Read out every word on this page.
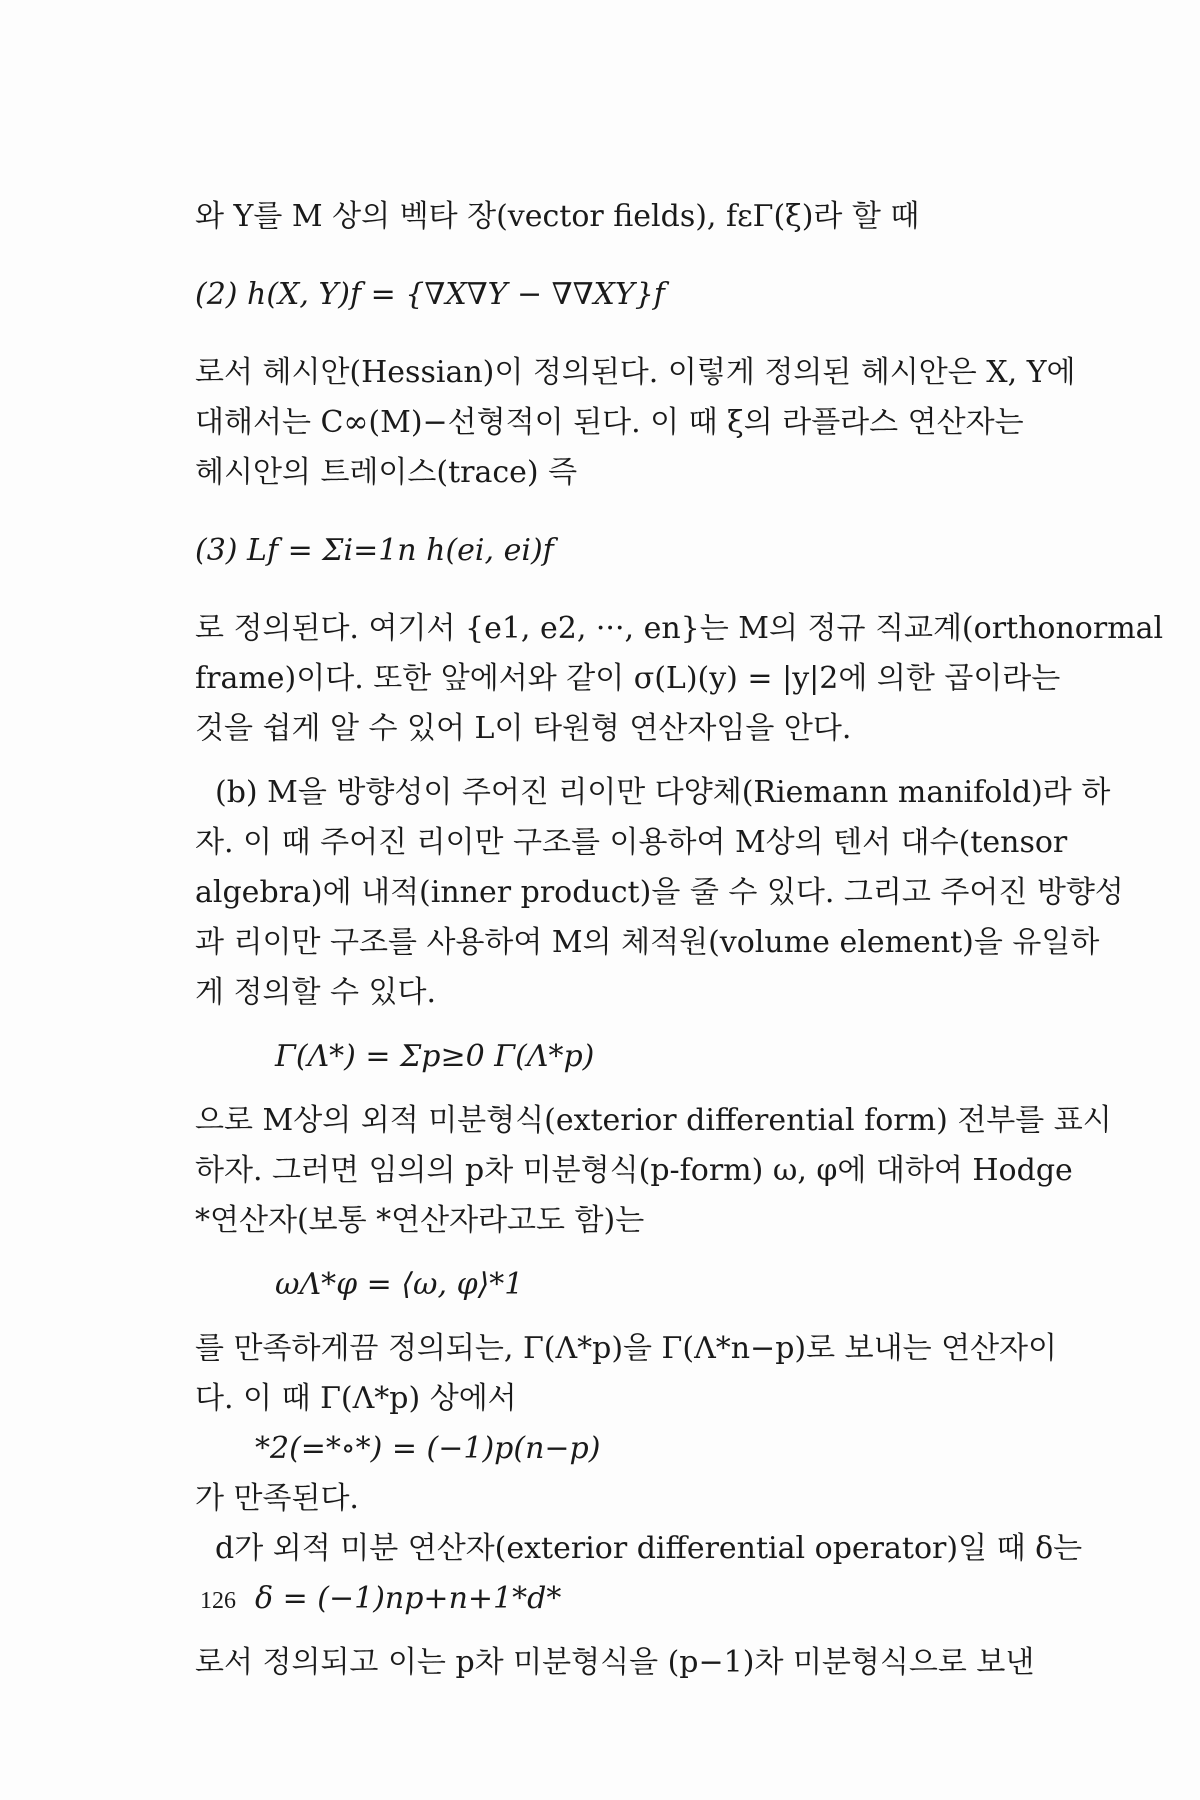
와 Y를 M 상의 벡타 장(vector fields), fεΓ(ξ)라 할 때
(2) h(X, Y)f = {∇X∇Y − ∇∇XY}f
로서 헤시안(Hessian)이 정의된다. 이렇게 정의된 헤시안은 X, Y에
대해서는 C∞(M)−선형적이 된다. 이 때 ξ의 라플라스 연산자는
헤시안의 트레이스(trace) 즉
(3) Lf = Σi=1n h(ei, ei)f
로 정의된다. 여기서 {e1, e2, ···, en}는 M의 정규 직교계(orthonormal
frame)이다. 또한 앞에서와 같이 σ(L)(y) = |y|2에 의한 곱이라는
것을 쉽게 알 수 있어 L이 타원형 연산자임을 안다.
(b) M을 방향성이 주어진 리이만 다양체(Riemann manifold)라 하
자. 이 때 주어진 리이만 구조를 이용하여 M상의 텐서 대수(tensor
algebra)에 내적(inner product)을 줄 수 있다. 그리고 주어진 방향성
과 리이만 구조를 사용하여 M의 체적원(volume element)을 유일하
게 정의할 수 있다.
Γ(Λ*) = Σp≥0 Γ(Λ*p)
으로 M상의 외적 미분형식(exterior differential form) 전부를 표시
하자. 그러면 임의의 p차 미분형식(p-form) ω, φ에 대하여 Hodge
*연산자(보통 *연산자라고도 함)는
ωΛ*φ = ⟨ω, φ⟩*1
를 만족하게끔 정의되는, Γ(Λ*p)을 Γ(Λ*n−p)로 보내는 연산자이
다. 이 때 Γ(Λ*p) 상에서
*2(=*∘*) = (−1)p(n−p)
가 만족된다.
d가 외적 미분 연산자(exterior differential operator)일 때 δ는
δ = (−1)np+n+1*d*
로서 정의되고 이는 p차 미분형식을 (p−1)차 미분형식으로 보낸
126
